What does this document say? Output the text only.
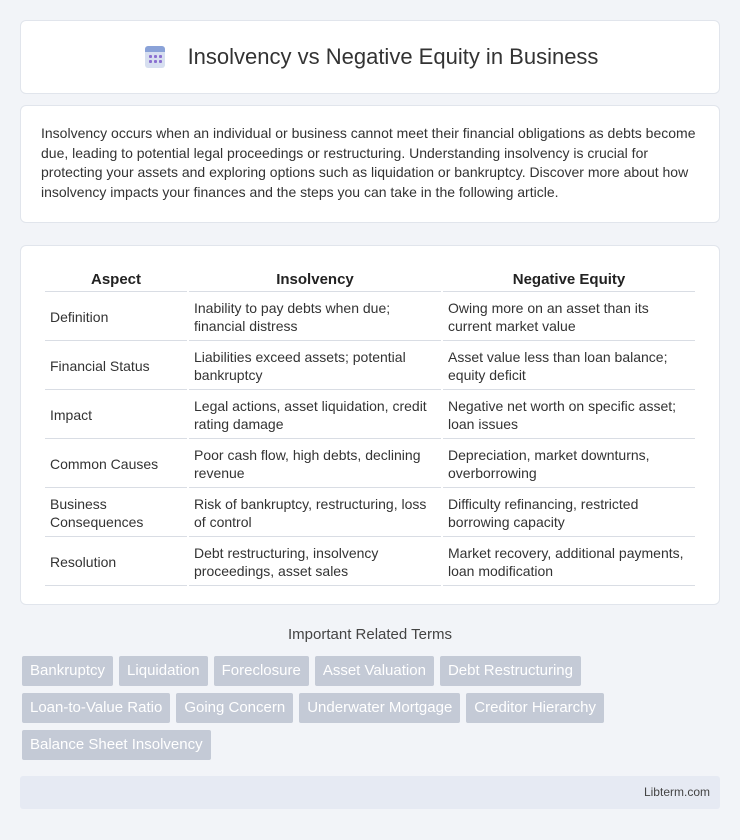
Insolvency vs Negative Equity in Business

Insolvency occurs when an individual or business cannot meet their financial obligations as debts become due, leading to potential legal proceedings or restructuring. Understanding insolvency is crucial for protecting your assets and exploring options such as liquidation or bankruptcy. Discover more about how insolvency impacts your finances and the steps you can take in the following article.

Aspect	Insolvency	Negative Equity
Definition	Inability to pay debts when due; financial distress	Owing more on an asset than its current market value
Financial Status	Liabilities exceed assets; potential bankruptcy	Asset value less than loan balance; equity deficit
Impact	Legal actions, asset liquidation, credit rating damage	Negative net worth on specific asset; loan issues
Common Causes	Poor cash flow, high debts, declining revenue	Depreciation, market downturns, overborrowing
Business Consequences	Risk of bankruptcy, restructuring, loss of control	Difficulty refinancing, restricted borrowing capacity
Resolution	Debt restructuring, insolvency proceedings, asset sales	Market recovery, additional payments, loan modification
Important Related Terms
Bankruptcy	Liquidation	Foreclosure	Asset Valuation	Debt Restructuring
Loan-to-Value Ratio	Going Concern	Underwater Mortgage	Creditor Hierarchy
Balance Sheet Insolvency
Libterm.com
